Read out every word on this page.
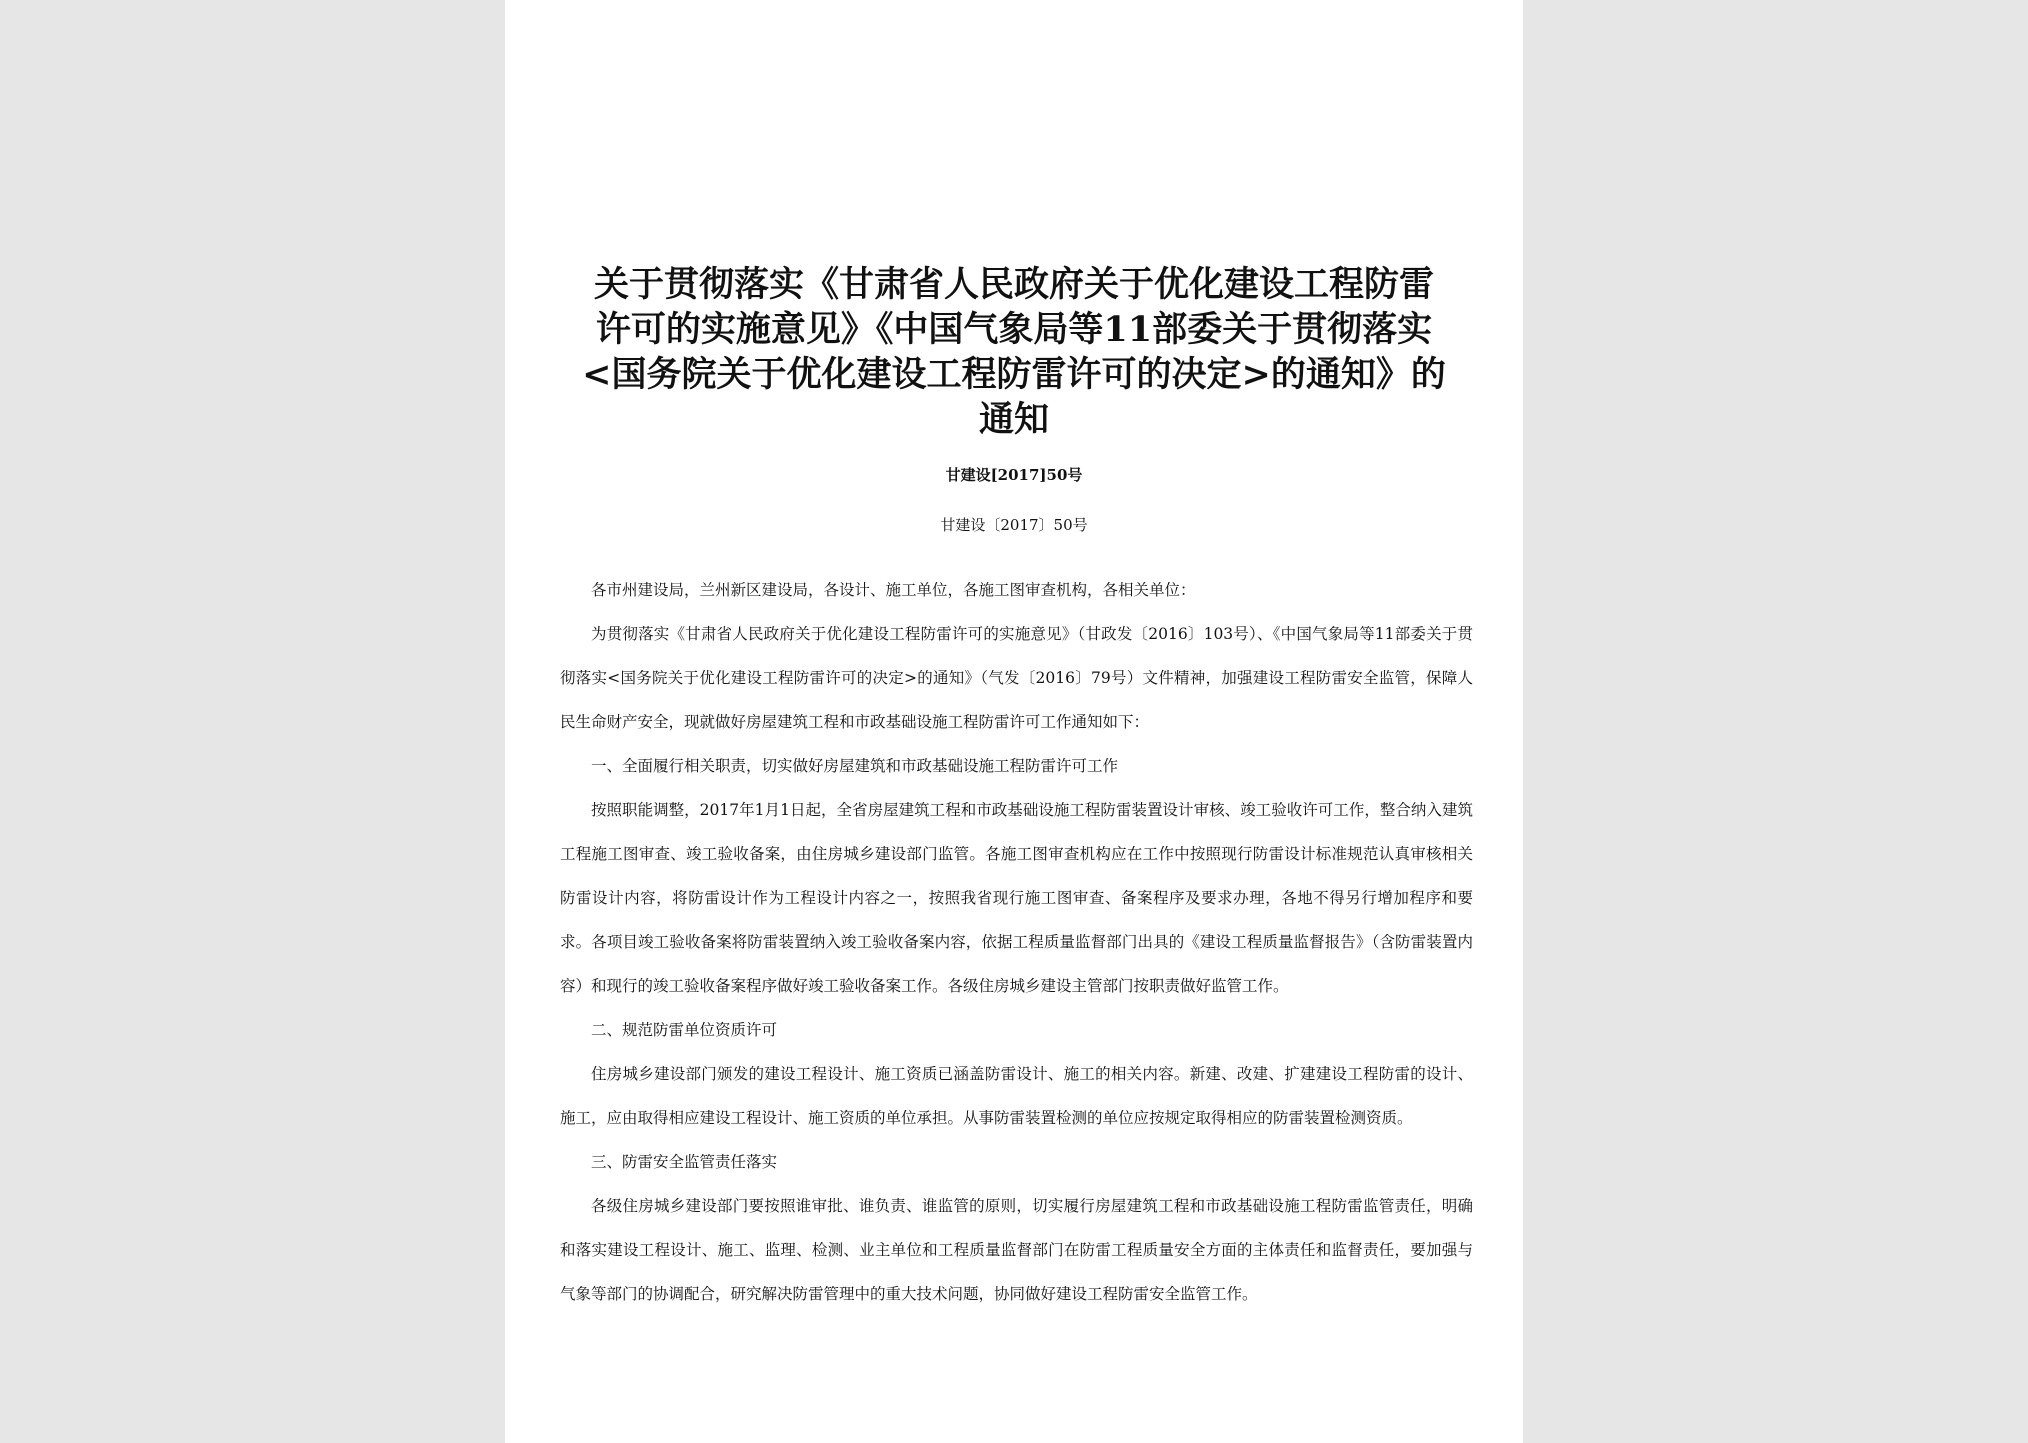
关于贯彻落实《甘肃省人民政府关于优化建设工程防雷
许可的实施意见》《中国气象局等11部委关于贯彻落实
<国务院关于优化建设工程防雷许可的决定>的通知》的
通知
甘建设[2017]50号
甘建设〔2017〕50号

各市州建设局，兰州新区建设局，各设计、施工单位，各施工图审查机构，各相关单位：

为贯彻落实《甘肃省人民政府关于优化建设工程防雷许可的实施意见》（甘政发〔2016〕103号）、《中国气象局等11部委关于贯彻落实<国务院关于优化建设工程防雷许可的决定>的通知》（气发〔2016〕79号）文件精神，加强建设工程防雷安全监管，保障人民生命财产安全，现就做好房屋建筑工程和市政基础设施工程防雷许可工作通知如下：

一、全面履行相关职责，切实做好房屋建筑和市政基础设施工程防雷许可工作

按照职能调整，2017年1月1日起，全省房屋建筑工程和市政基础设施工程防雷装置设计审核、竣工验收许可工作，整合纳入建筑工程施工图审查、竣工验收备案，由住房城乡建设部门监管。各施工图审查机构应在工作中按照现行防雷设计标准规范认真审核相关防雷设计内容，将防雷设计作为工程设计内容之一，按照我省现行施工图审查、备案程序及要求办理，各地不得另行增加程序和要求。各项目竣工验收备案将防雷装置纳入竣工验收备案内容，依据工程质量监督部门出具的《建设工程质量监督报告》（含防雷装置内容）和现行的竣工验收备案程序做好竣工验收备案工作。各级住房城乡建设主管部门按职责做好监管工作。

二、规范防雷单位资质许可

住房城乡建设部门颁发的建设工程设计、施工资质已涵盖防雷设计、施工的相关内容。新建、改建、扩建建设工程防雷的设计、施工，应由取得相应建设工程设计、施工资质的单位承担。从事防雷装置检测的单位应按规定取得相应的防雷装置检测资质。

三、防雷安全监管责任落实

各级住房城乡建设部门要按照谁审批、谁负责、谁监管的原则，切实履行房屋建筑工程和市政基础设施工程防雷监管责任，明确和落实建设工程设计、施工、监理、检测、业主单位和工程质量监督部门在防雷工程质量安全方面的主体责任和监督责任，要加强与气象等部门的协调配合，研究解决防雷管理中的重大技术问题，协同做好建设工程防雷安全监管工作。
